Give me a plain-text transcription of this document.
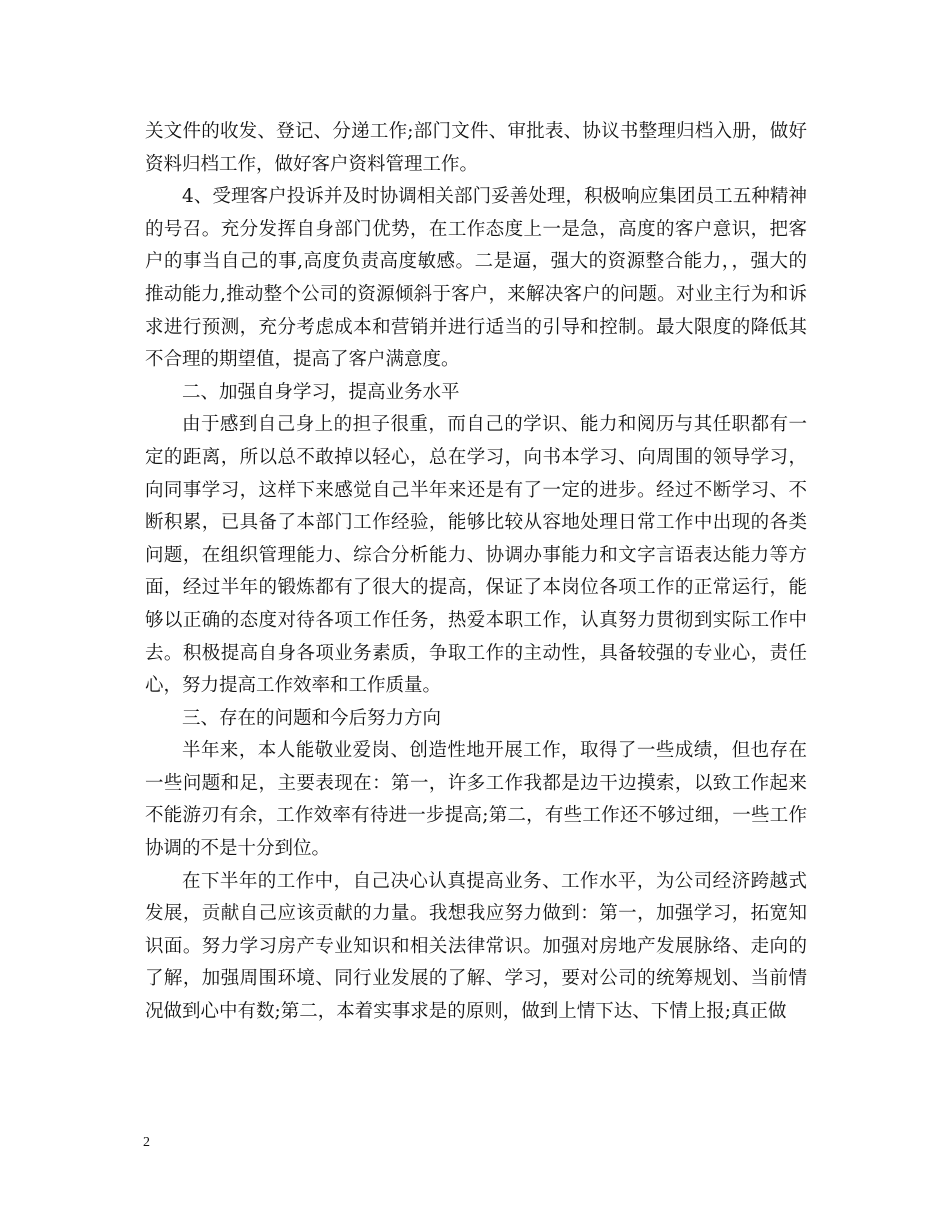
关文件的收发、登记、分递工作;部门文件、审批表、协议书整理归档入册，做好资料归档工作，做好客户资料管理工作。

4、受理客户投诉并及时协调相关部门妥善处理，积极响应集团员工五种精神的号召。充分发挥自身部门优势，在工作态度上一是急，高度的客户意识，把客户的事当自己的事,高度负责高度敏感。二是逼，强大的资源整合能力，，强大的推动能力,推动整个公司的资源倾斜于客户，来解决客户的问题。对业主行为和诉求进行预测，充分考虑成本和营销并进行适当的引导和控制。最大限度的降低其不合理的期望值，提高了客户满意度。

二、加强自身学习，提高业务水平

由于感到自己身上的担子很重，而自己的学识、能力和阅历与其任职都有一定的距离，所以总不敢掉以轻心，总在学习，向书本学习、向周围的领导学习，向同事学习，这样下来感觉自己半年来还是有了一定的进步。经过不断学习、不断积累，已具备了本部门工作经验，能够比较从容地处理日常工作中出现的各类问题，在组织管理能力、综合分析能力、协调办事能力和文字言语表达能力等方面，经过半年的锻炼都有了很大的提高，保证了本岗位各项工作的正常运行，能够以正确的态度对待各项工作任务，热爱本职工作，认真努力贯彻到实际工作中去。积极提高自身各项业务素质，争取工作的主动性，具备较强的专业心，责任心，努力提高工作效率和工作质量。

三、存在的问题和今后努力方向

半年来，本人能敬业爱岗、创造性地开展工作，取得了一些成绩，但也存在一些问题和足，主要表现在：第一，许多工作我都是边干边摸索，以致工作起来不能游刃有余，工作效率有待进一步提高;第二，有些工作还不够过细，一些工作协调的不是十分到位。

在下半年的工作中，自己决心认真提高业务、工作水平，为公司经济跨越式发展，贡献自己应该贡献的力量。我想我应努力做到：第一，加强学习，拓宽知识面。努力学习房产专业知识和相关法律常识。加强对房地产发展脉络、走向的了解，加强周围环境、同行业发展的了解、学习，要对公司的统筹规划、当前情况做到心中有数;第二，本着实事求是的原则，做到上情下达、下情上报;真正做

2
